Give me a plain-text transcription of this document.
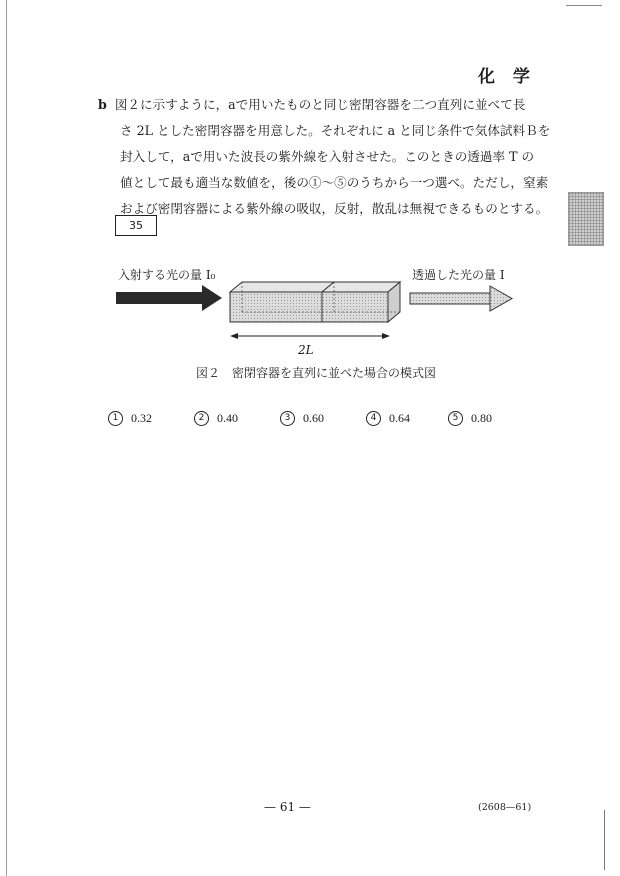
化 学
b 図２に示すように，aで用いたものと同じ密閉容器を二つ直列に並べて長
さ 2L とした密閉容器を用意した。それぞれに a と同じ条件で気体試料Ｂを
封入して，aで用いた波長の紫外線を入射させた。このときの透過率 T の
値として最も適当な数値を，後の①～⑤のうちから一つ選べ。ただし，窒素
および密閉容器による紫外線の吸収，反射，散乱は無視できるものとする。
35
入射する光の量 I₀	透過した光の量 I
2L
図２　密閉容器を直列に並べた場合の模式図
1 0.32	2 0.40	3 0.60	4 0.64	5 0.80
— 61 —	(2608—61)
